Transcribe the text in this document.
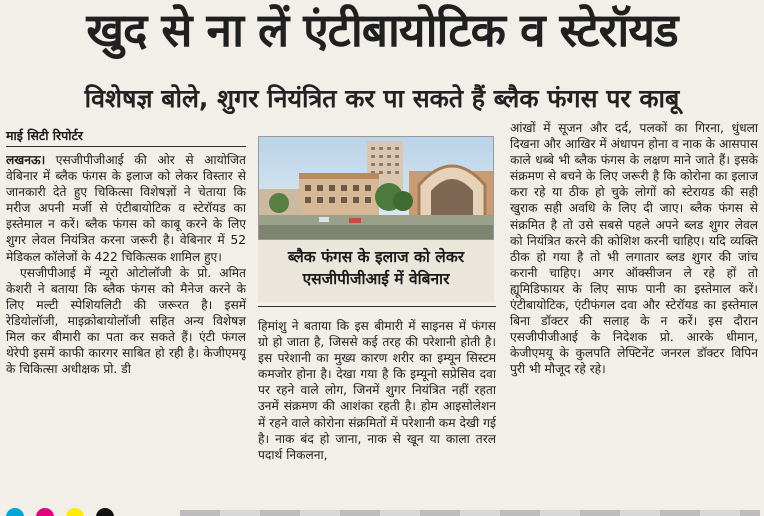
खुद से ना लें एंटीबायोटिक व स्टेरॉयड
विशेषज्ञ बोले, शुगर नियंत्रित कर पा सकते हैं ब्लैक फंगस पर काबू
माई सिटी रिपोर्टर

लखनऊ। एसजीपीजीआई की ओर से आयोजित वेबिनार में ब्लैक फंगस के इलाज को लेकर विस्तार से जानकारी देते हुए चिकित्सा विशेषज्ञों ने चेताया कि मरीज अपनी मर्जी से एंटीबायोटिक व स्टेरॉयड का इस्तेमाल न करें। ब्लैक फंगस को काबू करने के लिए शुगर लेवल नियंत्रित करना जरूरी है। वेबिनार में 52 मेडिकल कॉलेजों के 422 चिकित्सक शामिल हुए।

एसजीपीआई में न्यूरो ओटोलॉजी के प्रो. अमित केशरी ने बताया कि ब्लैक फंगस को मैनेज करने के लिए मल्टी स्पेशियलिटी की जरूरत है। इसमें रेडियोलॉजी, माइक्रोबायोलॉजी सहित अन्य विशेषज्ञ मिल कर बीमारी का पता कर सकते हैं। एंटी फंगल थेरेपी इसमें काफी कारगर साबित हो रही है। केजीएमयू के चिकित्सा अधीक्षक प्रो. डी

ब्लैक फंगस के इलाज को लेकर
एसजीपीजीआई में वेबिनार

हिमांशु ने बताया कि इस बीमारी में साइनस में फंगस ग्रो हो जाता है, जिससे कई तरह की परेशानी होती है। इस परेशानी का मुख्य कारण शरीर का इम्यून सिस्टम कमजोर होना है। देखा गया है कि इम्यूनो सप्रेसिव दवा पर रहने वाले लोग, जिनमें शुगर नियंत्रित नहीं रहता उनमें संक्रमण की आशंका रहती है। होम आइसोलेशन में रहने वाले कोरोना संक्रमितों में परेशानी कम देखी गई है। नाक बंद हो जाना, नाक से खून या काला तरल पदार्थ निकलना,

आंखों में सूजन और दर्द, पलकों का गिरना, धुंधला दिखना और आखिर में अंधापन होना व नाक के आसपास काले धब्बे भी ब्लैक फंगस के लक्षण माने जाते हैं। इसके संक्रमण से बचने के लिए जरूरी है कि कोरोना का इलाज करा रहे या ठीक हो चुके लोगों को स्टेरायड की सही खुराक सही अवधि के लिए दी जाए। ब्लैक फंगस से संक्रमित है तो उसे सबसे पहले अपने ब्लड शुगर लेवल को नियंत्रित करने की कोशिश करनी चाहिए। यदि व्यक्ति ठीक हो गया है तो भी लगातार ब्लड शुगर की जांच करानी चाहिए। अगर ऑक्सीजन ले रहे हों तो ह्यूमिडिफायर के लिए साफ पानी का इस्तेमाल करें। एंटीबायोटिक, एंटीफंगल दवा और स्टेरॉयड का इस्तेमाल बिना डॉक्टर की सलाह के न करें। इस दौरान एसजीपीजीआई के निदेशक प्रो. आरके धीमान, केजीएमयू के कुलपति लेफ्टिनेंट जनरल डॉक्टर विपिन पुरी भी मौजूद रहे रहे।
